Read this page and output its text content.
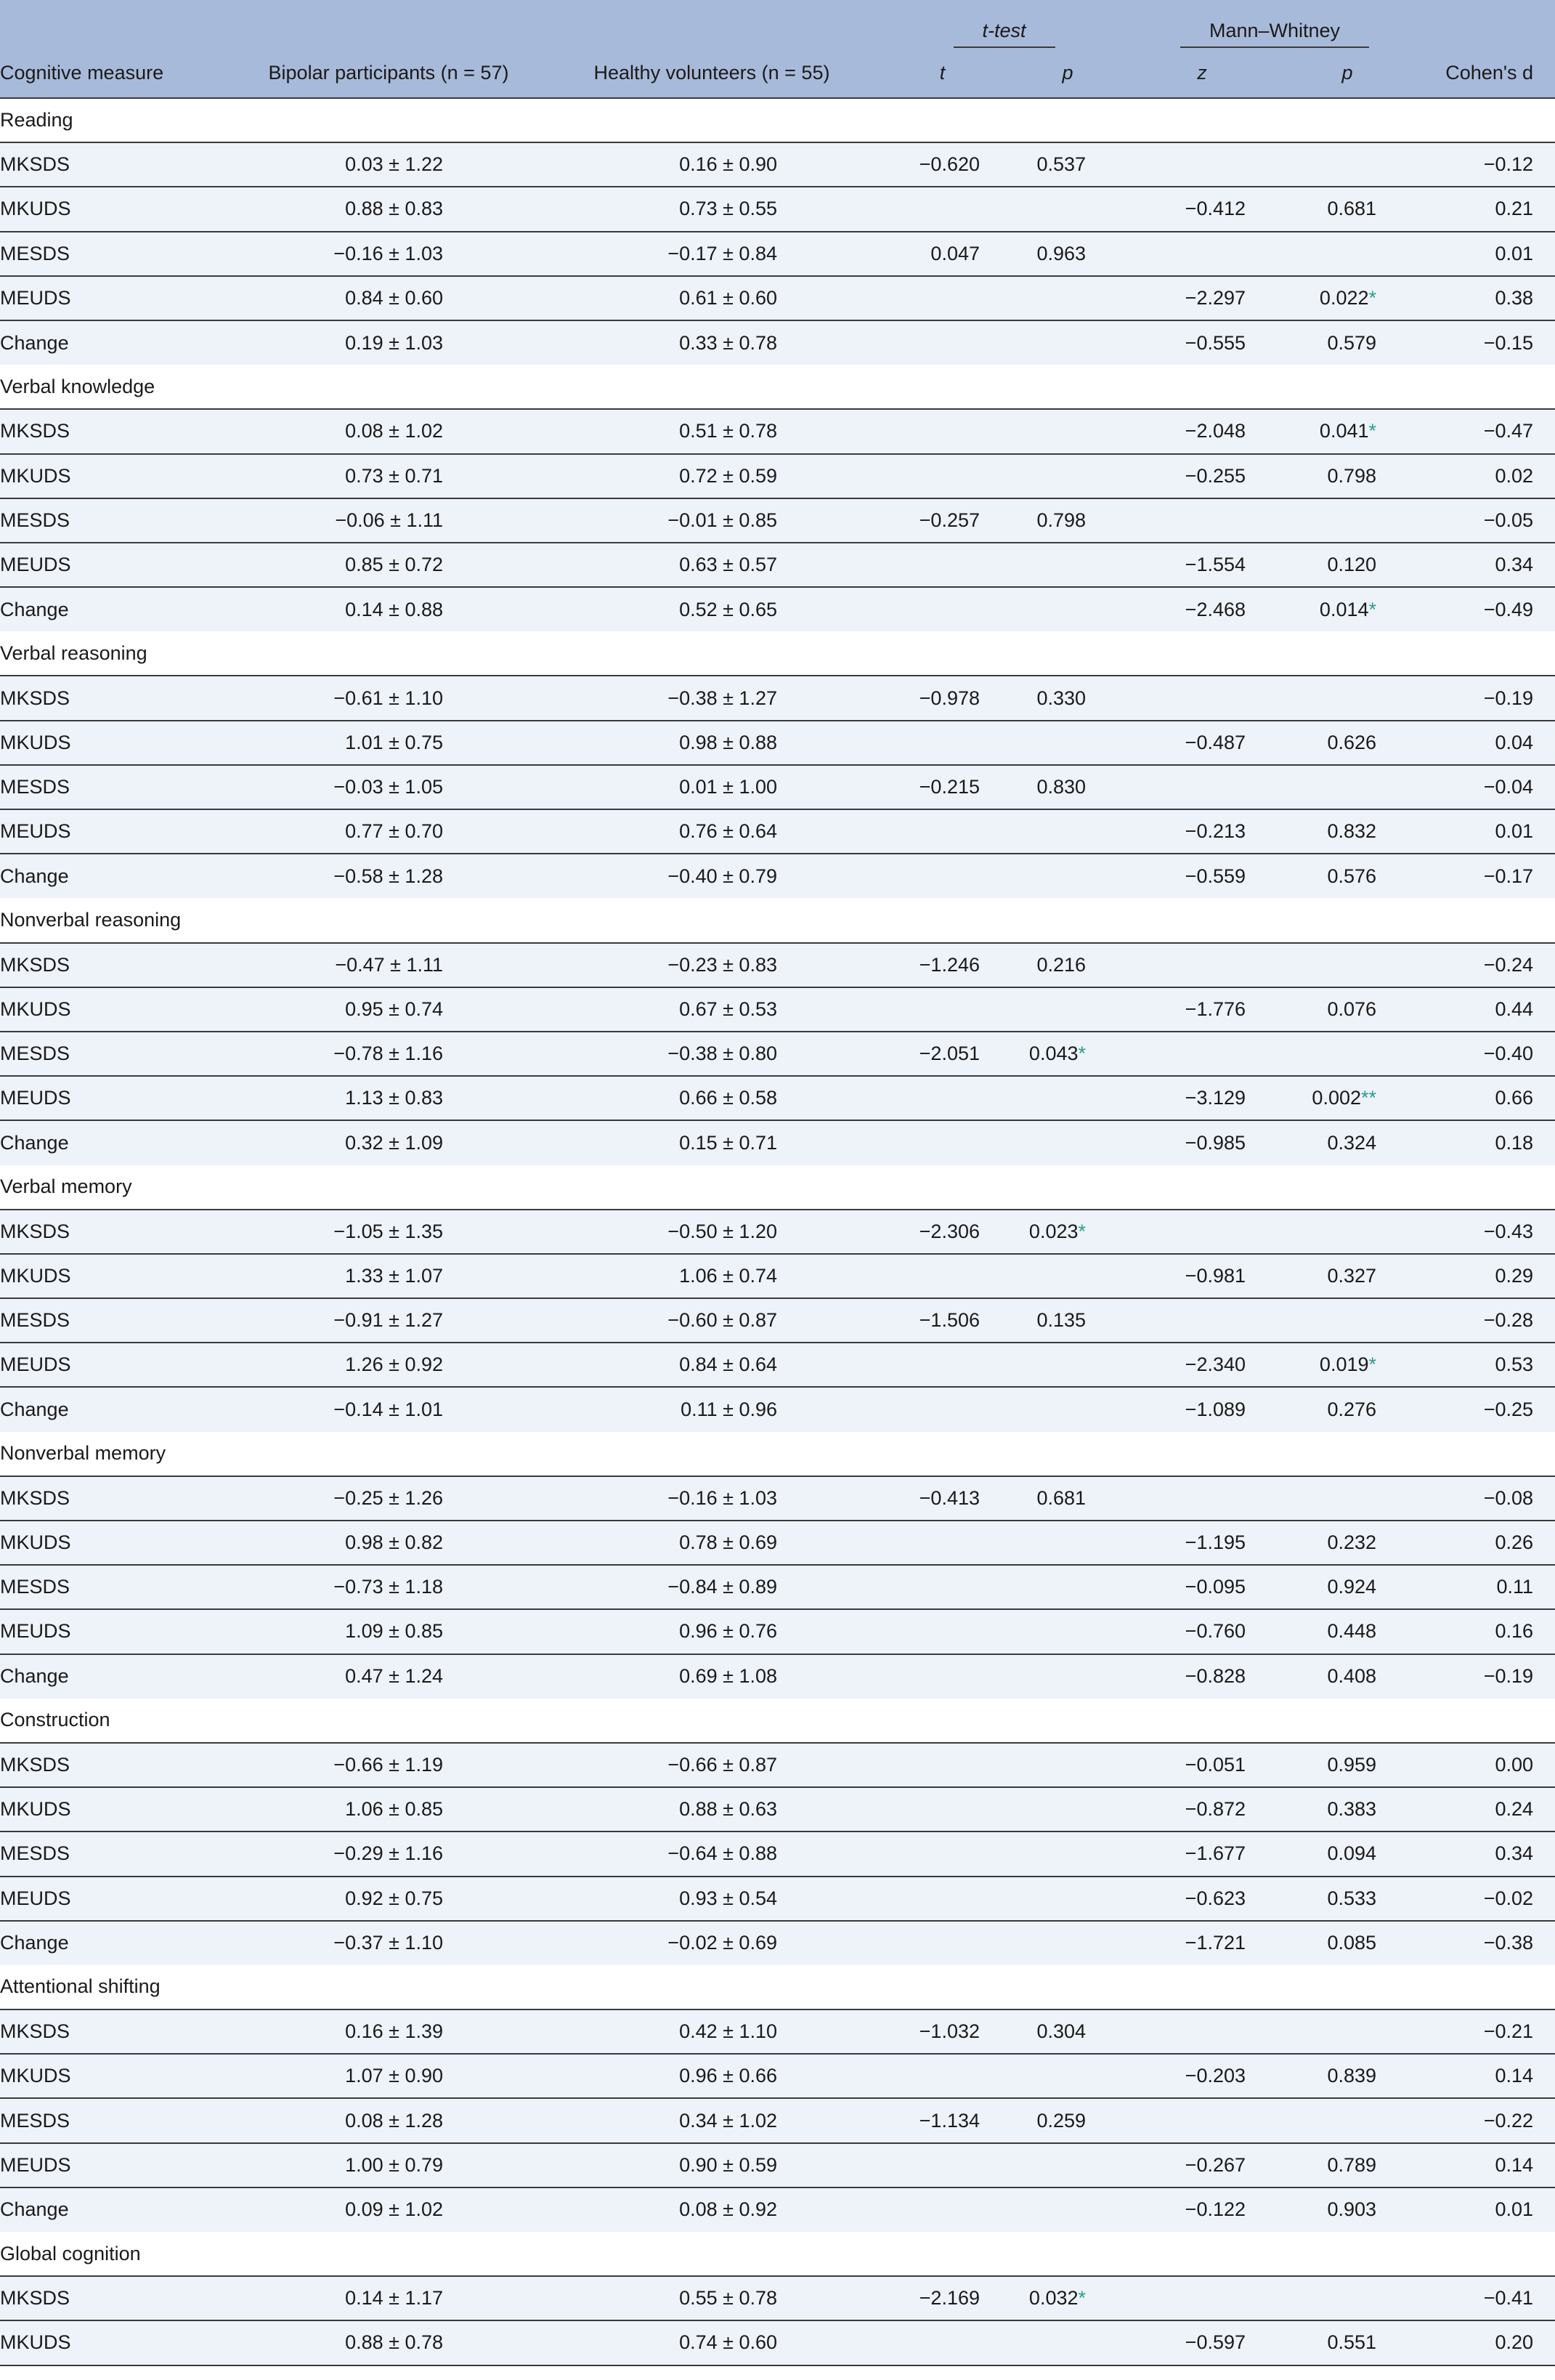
			t-test		Mann–Whitney		
Cognitive measure	Bipolar participants (n = 57)	Healthy volunteers (n = 55)	t	p	z	p	Cohen's d
Reading							
MKSDS	0.03 ± 1.22	0.16 ± 0.90	−0.620	0.537			−0.12
MKUDS	0.88 ± 0.83	0.73 ± 0.55			−0.412	0.681	0.21
MESDS	−0.16 ± 1.03	−0.17 ± 0.84	0.047	0.963			0.01
MEUDS	0.84 ± 0.60	0.61 ± 0.60			−2.297	0.022*	0.38
Change	0.19 ± 1.03	0.33 ± 0.78			−0.555	0.579	−0.15
Verbal knowledge							
MKSDS	0.08 ± 1.02	0.51 ± 0.78			−2.048	0.041*	−0.47
MKUDS	0.73 ± 0.71	0.72 ± 0.59			−0.255	0.798	0.02
MESDS	−0.06 ± 1.11	−0.01 ± 0.85	−0.257	0.798			−0.05
MEUDS	0.85 ± 0.72	0.63 ± 0.57			−1.554	0.120	0.34
Change	0.14 ± 0.88	0.52 ± 0.65			−2.468	0.014*	−0.49
Verbal reasoning							
MKSDS	−0.61 ± 1.10	−0.38 ± 1.27	−0.978	0.330			−0.19
MKUDS	1.01 ± 0.75	0.98 ± 0.88			−0.487	0.626	0.04
MESDS	−0.03 ± 1.05	0.01 ± 1.00	−0.215	0.830			−0.04
MEUDS	0.77 ± 0.70	0.76 ± 0.64			−0.213	0.832	0.01
Change	−0.58 ± 1.28	−0.40 ± 0.79			−0.559	0.576	−0.17
Nonverbal reasoning							
MKSDS	−0.47 ± 1.11	−0.23 ± 0.83	−1.246	0.216			−0.24
MKUDS	0.95 ± 0.74	0.67 ± 0.53			−1.776	0.076	0.44
MESDS	−0.78 ± 1.16	−0.38 ± 0.80	−2.051	0.043*			−0.40
MEUDS	1.13 ± 0.83	0.66 ± 0.58			−3.129	0.002**	0.66
Change	0.32 ± 1.09	0.15 ± 0.71			−0.985	0.324	0.18
Verbal memory							
MKSDS	−1.05 ± 1.35	−0.50 ± 1.20	−2.306	0.023*			−0.43
MKUDS	1.33 ± 1.07	1.06 ± 0.74			−0.981	0.327	0.29
MESDS	−0.91 ± 1.27	−0.60 ± 0.87	−1.506	0.135			−0.28
MEUDS	1.26 ± 0.92	0.84 ± 0.64			−2.340	0.019*	0.53
Change	−0.14 ± 1.01	0.11 ± 0.96			−1.089	0.276	−0.25
Nonverbal memory							
MKSDS	−0.25 ± 1.26	−0.16 ± 1.03	−0.413	0.681			−0.08
MKUDS	0.98 ± 0.82	0.78 ± 0.69			−1.195	0.232	0.26
MESDS	−0.73 ± 1.18	−0.84 ± 0.89			−0.095	0.924	0.11
MEUDS	1.09 ± 0.85	0.96 ± 0.76			−0.760	0.448	0.16
Change	0.47 ± 1.24	0.69 ± 1.08			−0.828	0.408	−0.19
Construction							
MKSDS	−0.66 ± 1.19	−0.66 ± 0.87			−0.051	0.959	0.00
MKUDS	1.06 ± 0.85	0.88 ± 0.63			−0.872	0.383	0.24
MESDS	−0.29 ± 1.16	−0.64 ± 0.88			−1.677	0.094	0.34
MEUDS	0.92 ± 0.75	0.93 ± 0.54			−0.623	0.533	−0.02
Change	−0.37 ± 1.10	−0.02 ± 0.69			−1.721	0.085	−0.38
Attentional shifting							
MKSDS	0.16 ± 1.39	0.42 ± 1.10	−1.032	0.304			−0.21
MKUDS	1.07 ± 0.90	0.96 ± 0.66			−0.203	0.839	0.14
MESDS	0.08 ± 1.28	0.34 ± 1.02	−1.134	0.259			−0.22
MEUDS	1.00 ± 0.79	0.90 ± 0.59			−0.267	0.789	0.14
Change	0.09 ± 1.02	0.08 ± 0.92			−0.122	0.903	0.01
Global cognition							
MKSDS	0.14 ± 1.17	0.55 ± 0.78	−2.169	0.032*			−0.41
MKUDS	0.88 ± 0.78	0.74 ± 0.60			−0.597	0.551	0.20
